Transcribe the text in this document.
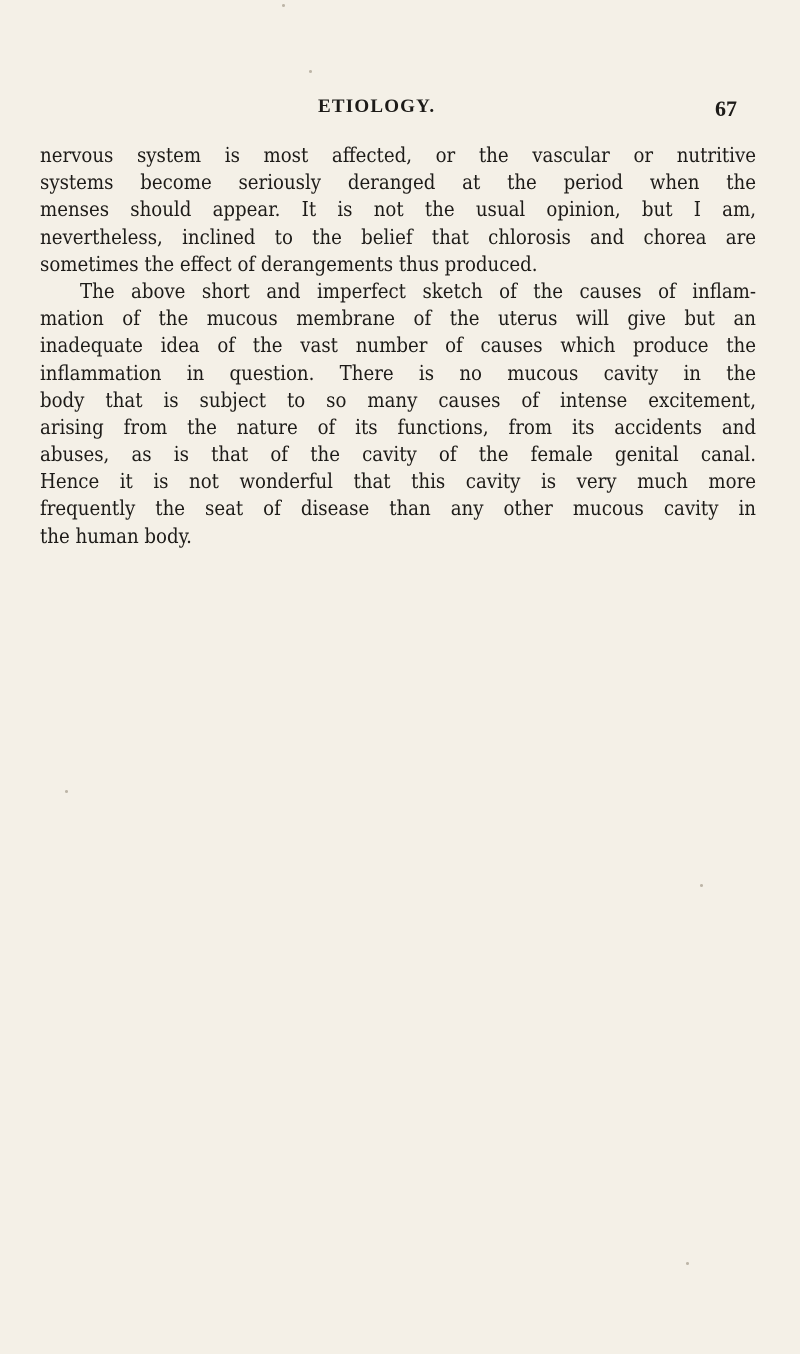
ETIOLOGY.	67
nervous system is most affected, or the vascular or nutritive
systems become seriously deranged at the period when the
menses should appear. It is not the usual opinion, but I am,
nevertheless, inclined to the belief that chlorosis and chorea are
sometimes the effect of derangements thus produced.
The above short and imperfect sketch of the causes of inflam-
mation of the mucous membrane of the uterus will give but an
inadequate idea of the vast number of causes which produce the
inflammation in question. There is no mucous cavity in the
body that is subject to so many causes of intense excitement,
arising from the nature of its functions, from its accidents and
abuses, as is that of the cavity of the female genital canal.
Hence it is not wonderful that this cavity is very much more
frequently the seat of disease than any other mucous cavity in
the human body.
